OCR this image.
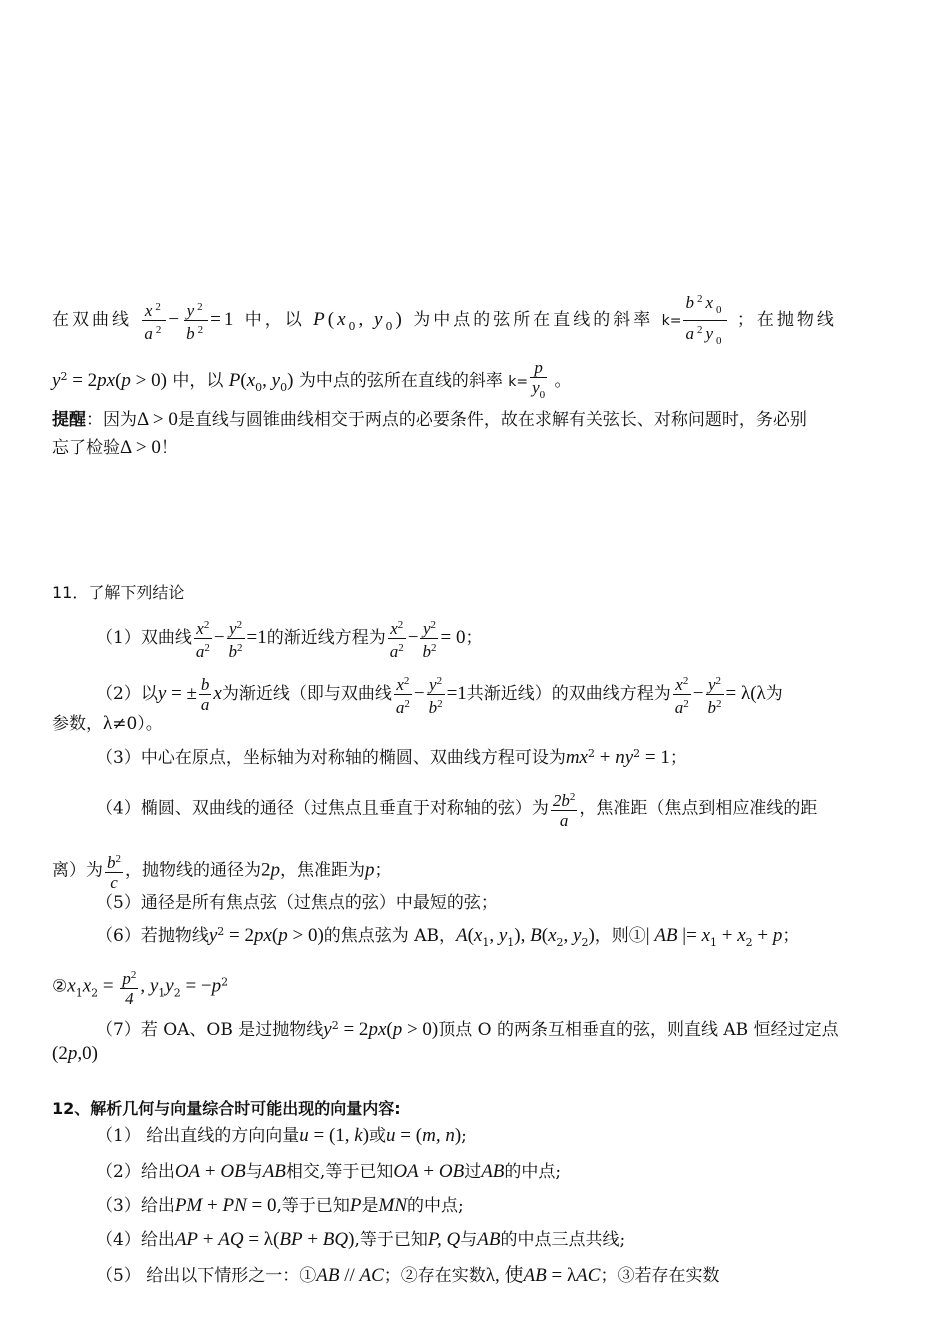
在双曲线 $\frac{x^2}{a^2} - \frac{y^2}{b^2} =1$ 中，以 $P(x_0$, $y_0$) 为中点的弦所在直线的斜率 $k= \frac{b^2x_0}{a^2y_0}$ ；在抛物线
$y^2 = 2px(p > 0)$ 中，以 $P(x_0$, $y_0$) 为中点的弦所在直线的斜率 $k= \frac{p}{y_0}$ 。
提醒：因为Δ > 0是直线与圆锥曲线相交于两点的必要条件，故在求解有关弦长、对称问题时，务必别
忘了检验Δ > 0！
11．了解下列结论
（1）双曲线 $\frac{x^2}{a^2} - \frac{y^2}{b^2} =1$的渐近线方程为 $\frac{x^2}{a^2} - \frac{y^2}{b^2} = 0$；
（2）以y = ± $\frac{b}{a}$ x为渐近线（即与双曲线 $\frac{x^2}{a^2} - \frac{y^2}{b^2} =1$共渐近线）的双曲线方程为 $\frac{x^2}{a^2} - \frac{y^2}{b^2} = \lambda(\lambda$为
参数，λ≠0）。
（3）中心在原点，坐标轴为对称轴的椭圆、双曲线方程可设为$mx^2 + ny^2 = 1$；
（4）椭圆、双曲线的通径（过焦点且垂直于对称轴的弦）为 $\frac{2b^2}{a}$ ，焦准距（焦点到相应准线的距
离）为 $\frac{b^2}{c}$ ，抛物线的通径为2p，焦准距为p；
（5）通径是所有焦点弦（过焦点的弦）中最短的弦；
（6）若抛物线$y^2 = 2px(p > 0)$的焦点弦为 AB，$A(x_1$, $y_1$), $B(x_2$, $y_2$)，则①| AB |= $x_1 + x_2 + p$；
$②x_1x_2 = \frac{p^2}{4}$ , $y_1y_2 = -p^2$
（7）若 OA、OB 是过抛物线$y^2 = 2px(p > 0)$顶点 O 的两条互相垂直的弦，则直线 AB 恒经过定点
(2p,0)
12、解析几何与向量综合时可能出现的向量内容:
（1） 给出直线的方向向量u = (1, k)或u = (m, n);
（2）给出OA + OB与AB相交,等于已知OA + OB过AB的中点;
（3）给出PM + PN = 0,等于已知P是MN的中点;
（4）给出AP + AQ = λ(BP + BQ),等于已知P, Q与AB的中点三点共线;
（5） 给出以下情形之一：①AB // AC；②存在实数λ, 使AB = λAC；③若存在实数
